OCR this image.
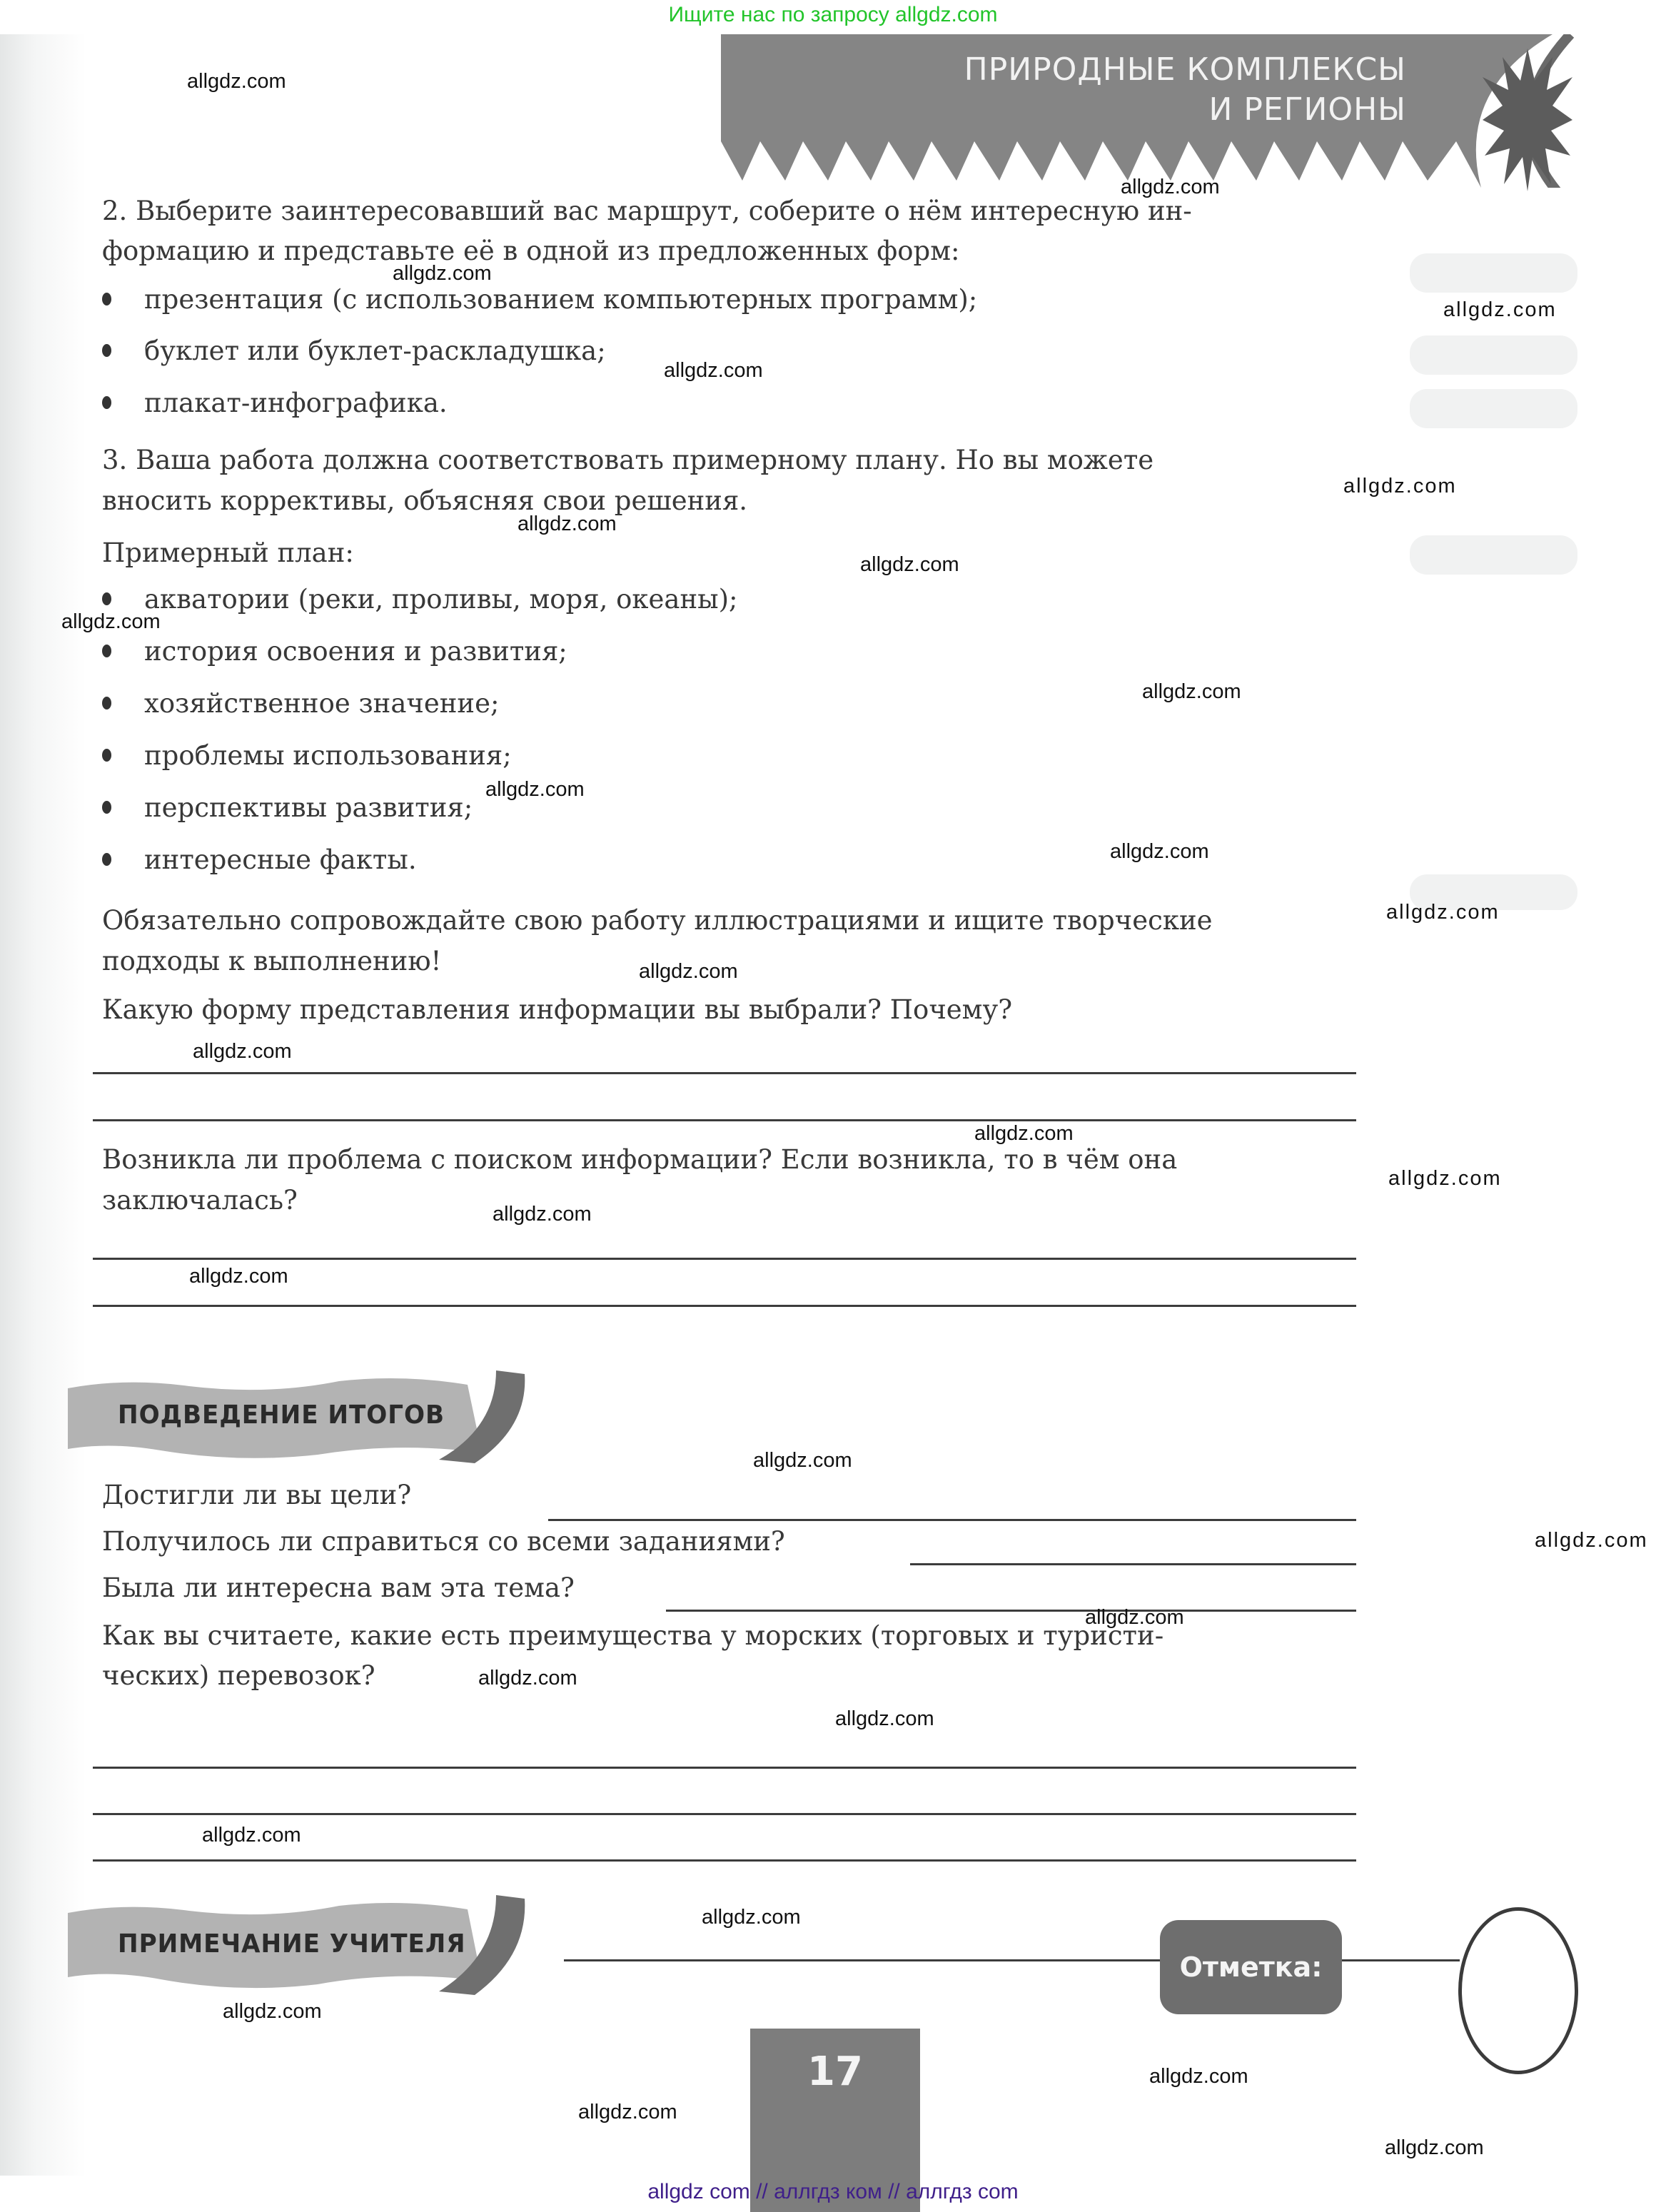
Ищите нас по запросу allgdz.com
ПРИРОДНЫЕ КОМПЛЕКСЫ
И РЕГИОНЫ
2. Выберите заинтересовавший вас маршрут, соберите о нём интересную ин-
формацию и представьте её в одной из предложенных форм:
презентация (с использованием компьютерных программ);
буклет или буклет-раскладушка;
плакат-инфографика.
3. Ваша работа должна соответствовать примерному плану. Но вы можете
вносить коррективы, объясняя свои решения.
Примерный план:
акватории (реки, проливы, моря, океаны);
история освоения и развития;
хозяйственное значение;
проблемы использования;
перспективы развития;
интересные факты.
Обязательно сопровождайте свою работу иллюстрациями и ищите творческие
подходы к выполнению!
Какую форму представления информации вы выбрали? Почему?
Возникла ли проблема с поиском информации? Если возникла, то в чём она
заключалась?
ПОДВЕДЕНИЕ ИТОГОВ
Достигли ли вы цели?
Получилось ли справиться со всеми заданиями?
Была ли интересна вам эта тема?
Как вы считаете, какие есть преимущества у морских (торговых и туристи-
ческих) перевозок?
ПРИМЕЧАНИЕ УЧИТЕЛЯ
Отметка:
17
allgdz.com
allgdz.com
allgdz.com
allgdz.com
allgdz.com
allgdz.com
allgdz.com
allgdz.com
allgdz.com
allgdz.com
allgdz.com
allgdz.com
allgdz.com
allgdz.com
allgdz.com
allgdz.com
allgdz.com
allgdz.com
allgdz.com
allgdz.com
allgdz.com
allgdz.com
allgdz.com
allgdz.com
allgdz.com
allgdz.com
allgdz.com
allgdz.com
allgdz.com
allgdz.com
allgdz com // аллгдз ком // аллгдз com
